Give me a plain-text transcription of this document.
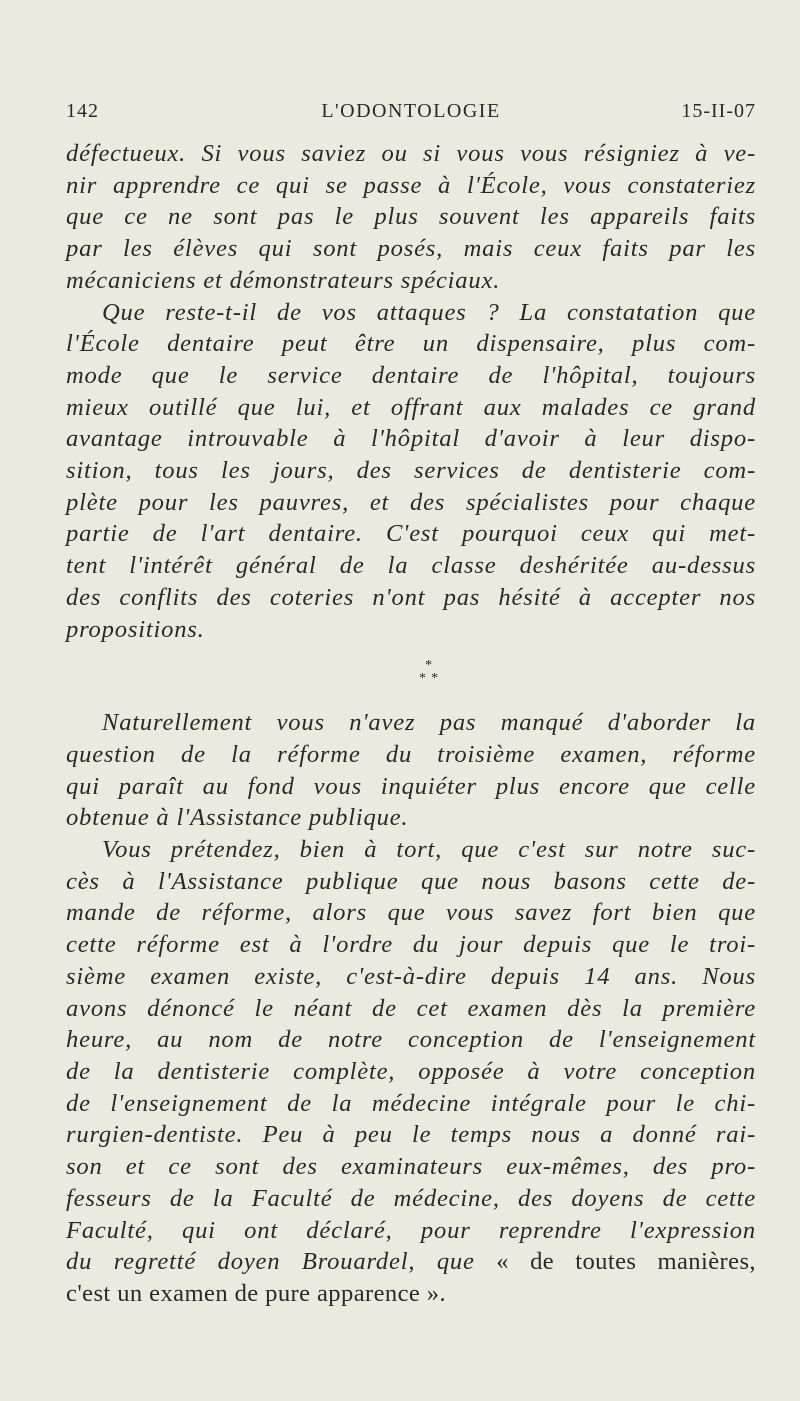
142	L'ODONTOLOGIE	15-II-07
défectueux. Si vous saviez ou si vous vous résigniez à ve-
nir apprendre ce qui se passe à l'École, vous constateriez
que ce ne sont pas le plus souvent les appareils faits
par les élèves qui sont posés, mais ceux faits par les
mécaniciens et démonstrateurs spéciaux.
Que reste-t-il de vos attaques ? La constatation que
l'École dentaire peut être un dispensaire, plus com-
mode que le service dentaire de l'hôpital, toujours
mieux outillé que lui, et offrant aux malades ce grand
avantage introuvable à l'hôpital d'avoir à leur dispo-
sition, tous les jours, des services de dentisterie com-
plète pour les pauvres, et des spécialistes pour chaque
partie de l'art dentaire. C'est pourquoi ceux qui met-
tent l'intérêt général de la classe deshéritée au-dessus
des conflits des coteries n'ont pas hésité à accepter nos
propositions.
*
* *
Naturellement vous n'avez pas manqué d'aborder la
question de la réforme du troisième examen, réforme
qui paraît au fond vous inquiéter plus encore que celle
obtenue à l'Assistance publique.
Vous prétendez, bien à tort, que c'est sur notre suc-
cès à l'Assistance publique que nous basons cette de-
mande de réforme, alors que vous savez fort bien que
cette réforme est à l'ordre du jour depuis que le troi-
sième examen existe, c'est-à-dire depuis 14 ans. Nous
avons dénoncé le néant de cet examen dès la première
heure, au nom de notre conception de l'enseignement
de la dentisterie complète, opposée à votre conception
de l'enseignement de la médecine intégrale pour le chi-
rurgien-dentiste. Peu à peu le temps nous a donné rai-
son et ce sont des examinateurs eux-mêmes, des pro-
fesseurs de la Faculté de médecine, des doyens de cette
Faculté, qui ont déclaré, pour reprendre l'expression
du regretté doyen Brouardel, que « de toutes manières,
c'est un examen de pure apparence ».
